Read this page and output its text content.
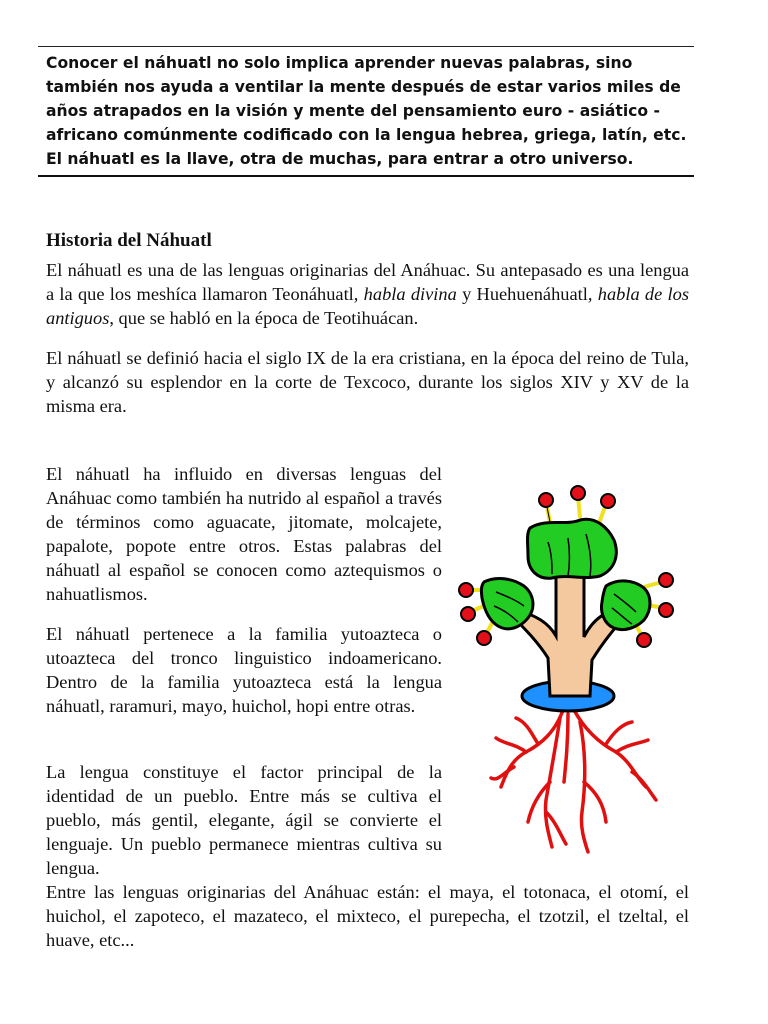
Conocer el náhuatl no solo implica aprender nuevas palabras, sino también nos ayuda a ventilar la mente después de estar varios miles de años atrapados en la visión y mente del pensamiento euro - asiático - africano comúnmente codificado con la lengua hebrea, griega, latín, etc. El náhuatl es la llave, otra de muchas, para entrar a otro universo.
Historia del Náhuatl

El náhuatl es una de las lenguas originarias del Anáhuac. Su antepasado es una lengua a la que los meshíca llamaron Teonáhuatl, habla divina y Huehuenáhuatl, habla de los antiguos, que se habló en la época de Teotihuácan.

El náhuatl se definió hacia el siglo IX de la era cristiana, en la época del reino de Tula, y alcanzó su esplendor en la corte de Texcoco, durante los siglos XIV y XV de la misma era.

El náhuatl ha influido en diversas lenguas del Anáhuac como también ha nutrido al español a través de términos como aguacate, jitomate, molcajete, papalote, popote entre otros. Estas palabras del náhuatl al español se conocen como aztequismos o nahuatlismos.

El náhuatl pertenece a la familia yutoazteca o utoazteca del tronco linguistico indoamericano. Dentro de la familia yutoazteca está la lengua náhuatl, raramuri, mayo, huichol, hopi entre otras.

La lengua constituye el factor principal de la identidad de un pueblo. Entre más se cultiva el pueblo, más gentil, elegante, ágil se convierte el lenguaje. Un pueblo permanece mientras cultiva su lengua.

Entre las lenguas originarias del Anáhuac están: el maya, el totonaca, el otomí, el huichol, el zapoteco, el mazateco, el mixteco, el purepecha, el tzotzil, el tzeltal, el huave, etc...
